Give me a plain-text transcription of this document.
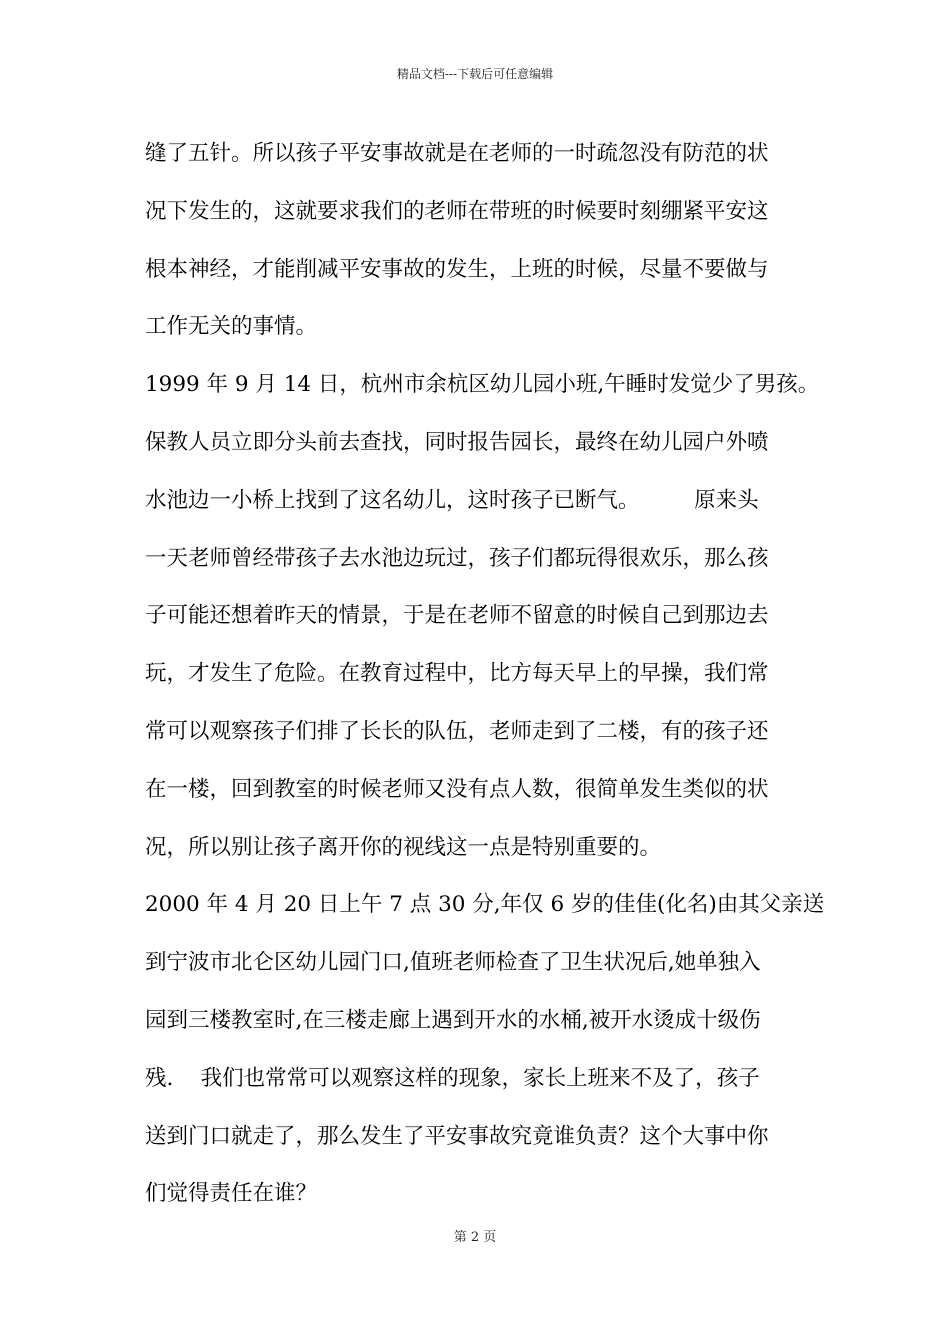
精品文档---下载后可任意编辑
缝了五针。所以孩子平安事故就是在老师的一时疏忽没有防范的状
况下发生的，这就要求我们的老师在带班的时候要时刻绷紧平安这
根本神经，才能削减平安事故的发生，上班的时候，尽量不要做与
工作无关的事情。
1999 年 9 月 14 日，杭州市余杭区幼儿园小班,午睡时发觉少了男孩。
保教人员立即分头前去查找，同时报告园长，最终在幼儿园户外喷
水池边一小桥上找到了这名幼儿，这时孩子已断气。        原来头
一天老师曾经带孩子去水池边玩过，孩子们都玩得很欢乐，那么孩
子可能还想着昨天的情景，于是在老师不留意的时候自己到那边去
玩，才发生了危险。在教育过程中，比方每天早上的早操，我们常
常可以观察孩子们排了长长的队伍，老师走到了二楼，有的孩子还
在一楼，回到教室的时候老师又没有点人数，很简单发生类似的状
况，所以别让孩子离开你的视线这一点是特别重要的。
2000 年 4 月 20 日上午 7 点 30 分,年仅 6 岁的佳佳(化名)由其父亲送
到宁波市北仑区幼儿园门口,值班老师检查了卫生状况后,她单独入
园到三楼教室时,在三楼走廊上遇到开水的水桶,被开水烫成十级伤
残.    我们也常常可以观察这样的现象，家长上班来不及了，孩子
送到门口就走了，那么发生了平安事故究竟谁负责？这个大事中你
们觉得责任在谁？
第 2 页
